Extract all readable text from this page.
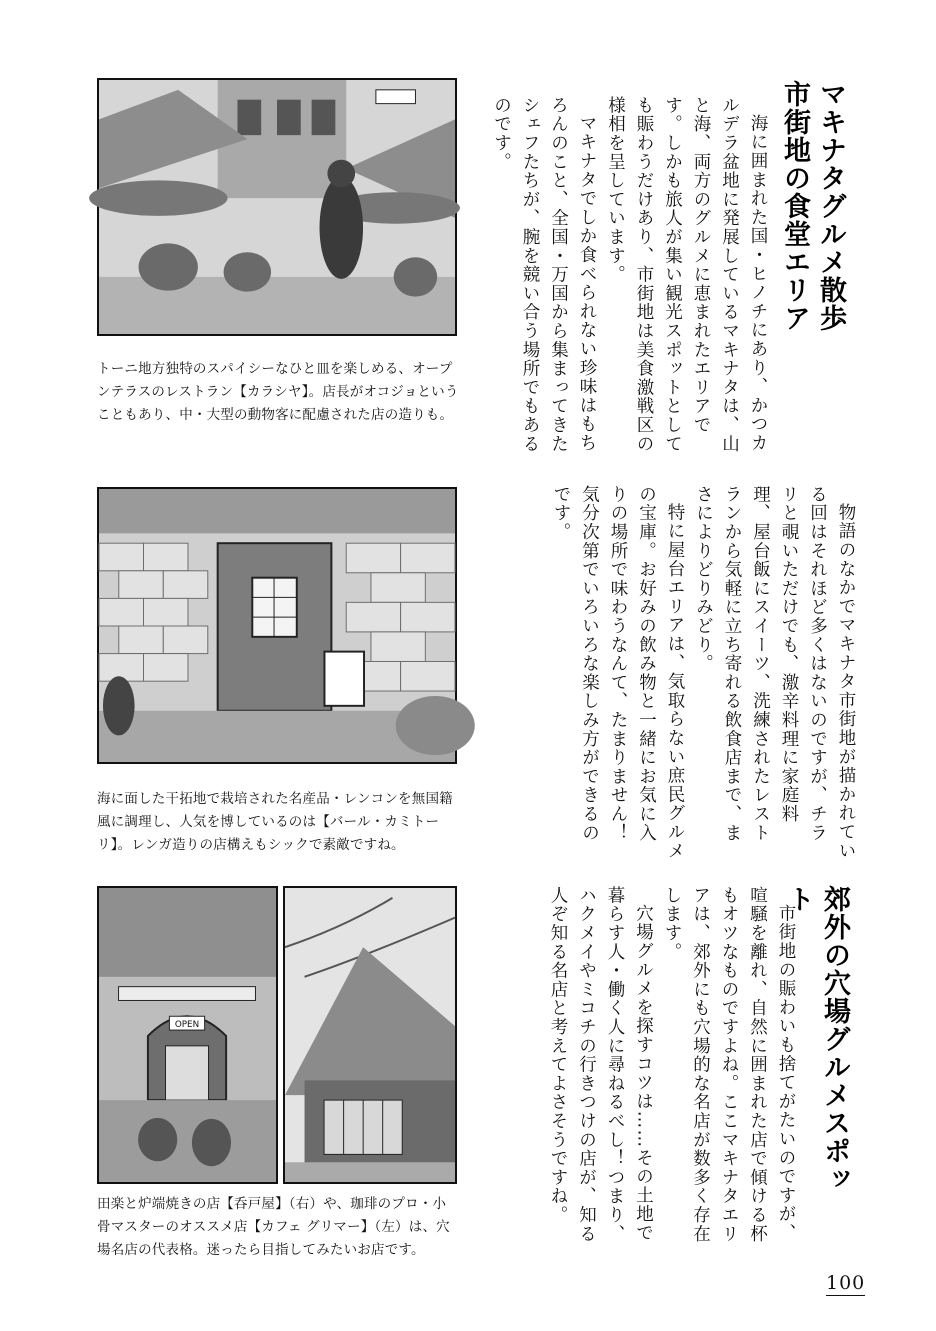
トーニ地方独特のスパイシーなひと皿を楽しめる、オープンテラスのレストラン【カラシヤ】。店長がオコジョということもあり、中・大型の動物客に配慮された店の造りも。
海に面した干拓地で栽培された名産品・レンコンを無国籍風に調理し、人気を博しているのは【バール・カミトーリ】。レンガ造りの店構えもシックで素敵ですね。
OPEN
田楽と炉端焼きの店【呑戸屋】（右）や、珈琲のプロ・小骨マスターのオススメ店【カフェ グリマー】（左）は、穴場名店の代表格。迷ったら目指してみたいお店です。
マキナタグルメ散歩
市街地の食堂エリア

海に囲まれた国・ヒノチにあり、かつカルデラ盆地に発展しているマキナタは、山と海、両方のグルメに恵まれたエリアです。しかも旅人が集い観光スポットとしても賑わうだけあり、市街地は美食激戦区の様相を呈しています。

マキナタでしか食べられない珍味はもちろんのこと、全国・万国から集まってきたシェフたちが、腕を競い合う場所でもあるのです。

物語のなかでマキナタ市街地が描かれている回はそれほど多くはないのですが、チラリと覗いただけでも、激辛料理に家庭料理、屋台飯にスイーツ、洗練されたレストランから気軽に立ち寄れる飲食店まで、まさによりどりみどり。

特に屋台エリアは、気取らない庶民グルメの宝庫。お好みの飲み物と一緒にお気に入りの場所で味わうなんて、たまりません！　気分次第でいろいろな楽しみ方ができるのです。

郊外の穴場グルメスポット

市街地の賑わいも捨てがたいのですが、喧騒を離れ、自然に囲まれた店で傾ける杯もオツなものですよね。ここマキナタエリアは、郊外にも穴場的な名店が数多く存在します。

穴場グルメを探すコツは……その土地で暮らす人・働く人に尋ねるべし！つまり、ハクメイやミコチの行きつけの店が、知る人ぞ知る名店と考えてよさそうですね。

100
